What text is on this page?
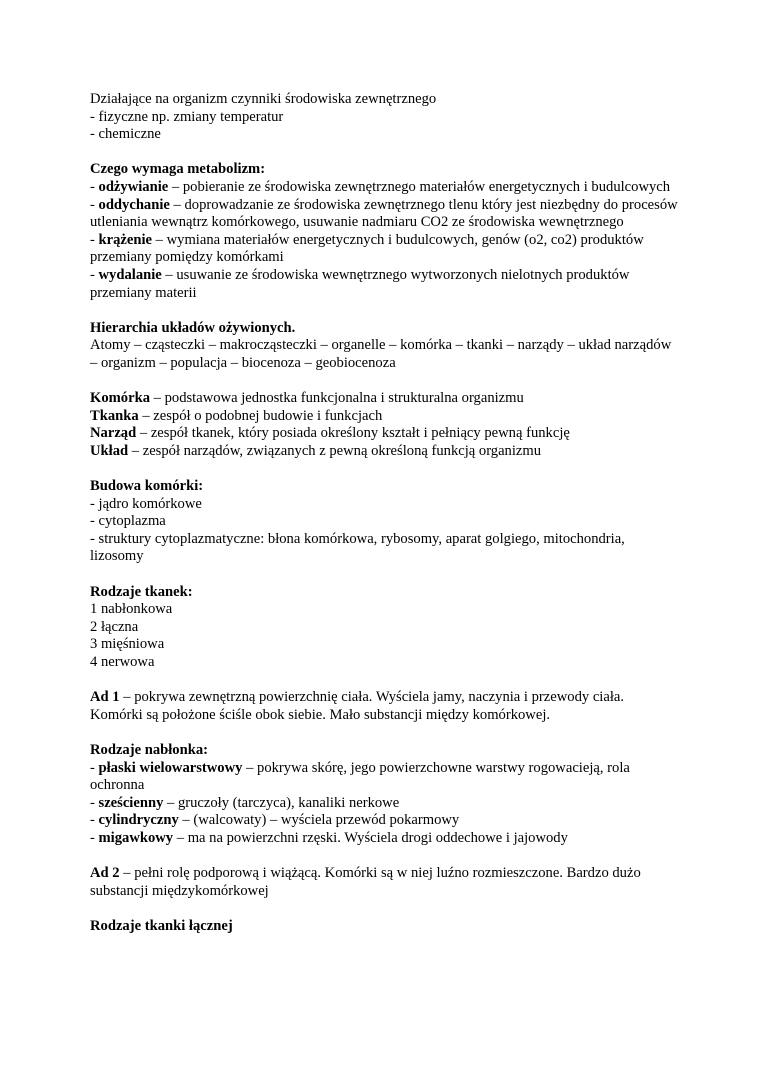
Działające na organizm czynniki środowiska zewnętrznego

- fizyczne np. zmiany temperatur

- chemiczne

Czego wymaga metabolizm:

- odżywianie – pobieranie ze środowiska zewnętrznego materiałów energetycznych i budulcowych

- oddychanie – doprowadzanie ze środowiska zewnętrznego tlenu który jest niezbędny do procesów utleniania wewnątrz komórkowego, usuwanie nadmiaru CO2 ze środowiska wewnętrznego

- krążenie – wymiana materiałów energetycznych i budulcowych, genów (o2, co2) produktów przemiany pomiędzy komórkami

- wydalanie – usuwanie ze środowiska wewnętrznego wytworzonych nielotnych produktów przemiany materii

Hierarchia układów ożywionych.

Atomy – cząsteczki – makrocząsteczki – organelle – komórka – tkanki – narządy – układ narządów – organizm – populacja – biocenoza – geobiocenoza

Komórka – podstawowa jednostka funkcjonalna i strukturalna organizmu

Tkanka – zespół o podobnej budowie i funkcjach

Narząd – zespół tkanek, który posiada określony kształt i pełniący pewną funkcję

Układ – zespół narządów, związanych z pewną określoną funkcją organizmu

Budowa komórki:

- jądro komórkowe

- cytoplazma

- struktury cytoplazmatyczne: błona komórkowa, rybosomy, aparat golgiego, mitochondria, lizosomy

Rodzaje tkanek:

1 nabłonkowa

2 łączna

3 mięśniowa

4 nerwowa

Ad 1 – pokrywa zewnętrzną powierzchnię ciała. Wyściela jamy, naczynia i przewody ciała. Komórki są położone ściśle obok siebie. Mało substancji między komórkowej.

Rodzaje nabłonka:

- płaski wielowarstwowy – pokrywa skórę, jego powierzchowne warstwy rogowacieją, rola ochronna

- sześcienny – gruczoły (tarczyca), kanaliki nerkowe

- cylindryczny – (walcowaty) – wyściela przewód pokarmowy

- migawkowy – ma na powierzchni rzęski. Wyściela drogi oddechowe i jajowody

Ad 2 – pełni rolę podporową i wiążącą. Komórki są w niej luźno rozmieszczone. Bardzo dużo substancji międzykomórkowej

Rodzaje tkanki łącznej
